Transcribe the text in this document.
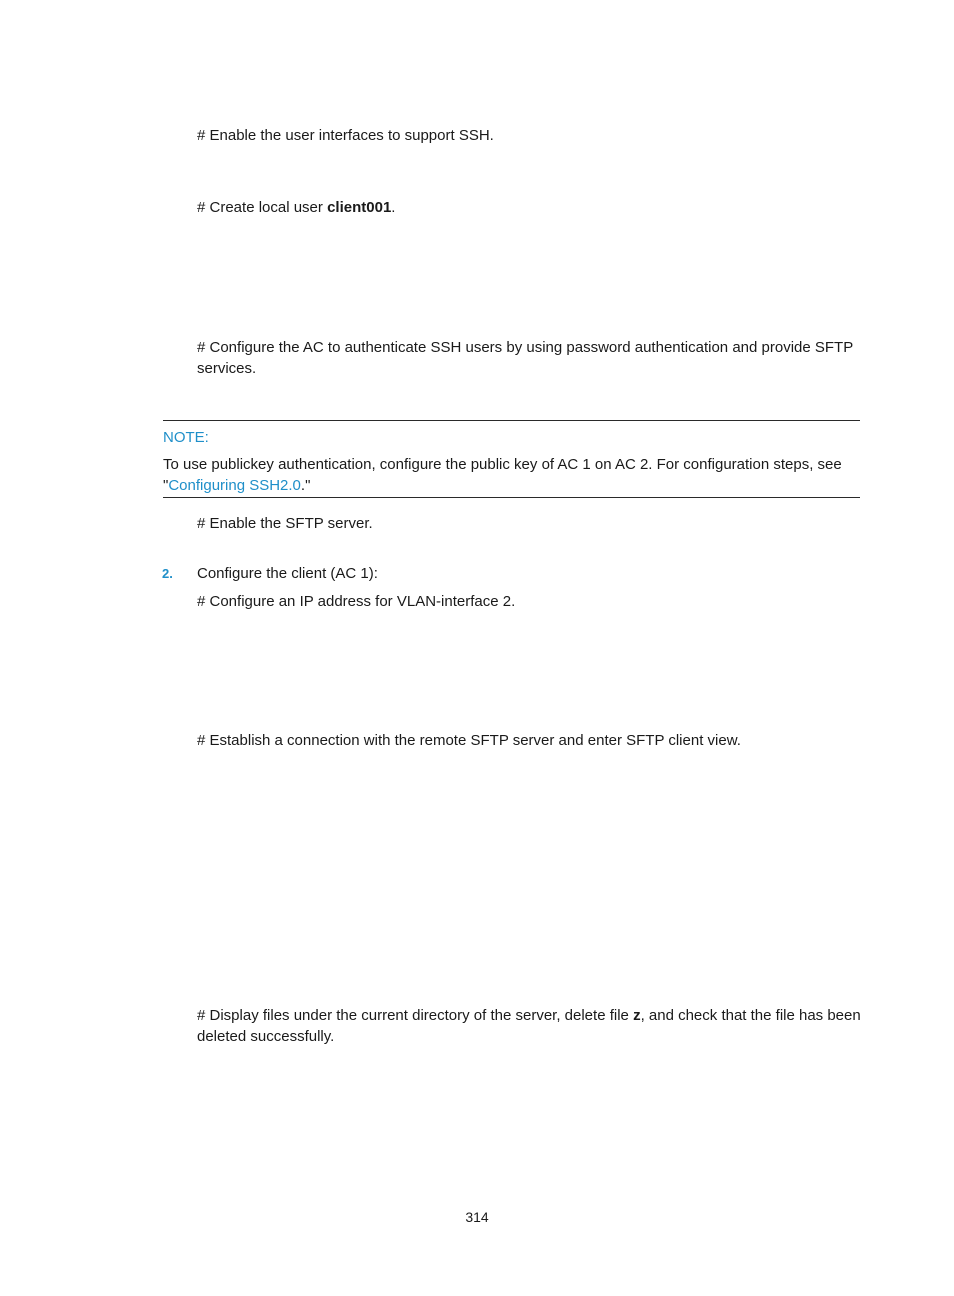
# Enable the user interfaces to support SSH.
# Create local user client001.
# Configure the AC to authenticate SSH users by using password authentication and provide SFTP services.
NOTE:
To use publickey authentication, configure the public key of AC 1 on AC 2. For configuration steps, see "Configuring SSH2.0."
# Enable the SFTP server.
2. Configure the client (AC 1):
# Configure an IP address for VLAN-interface 2.
# Establish a connection with the remote SFTP server and enter SFTP client view.
# Display files under the current directory of the server, delete file z, and check that the file has been deleted successfully.
314
